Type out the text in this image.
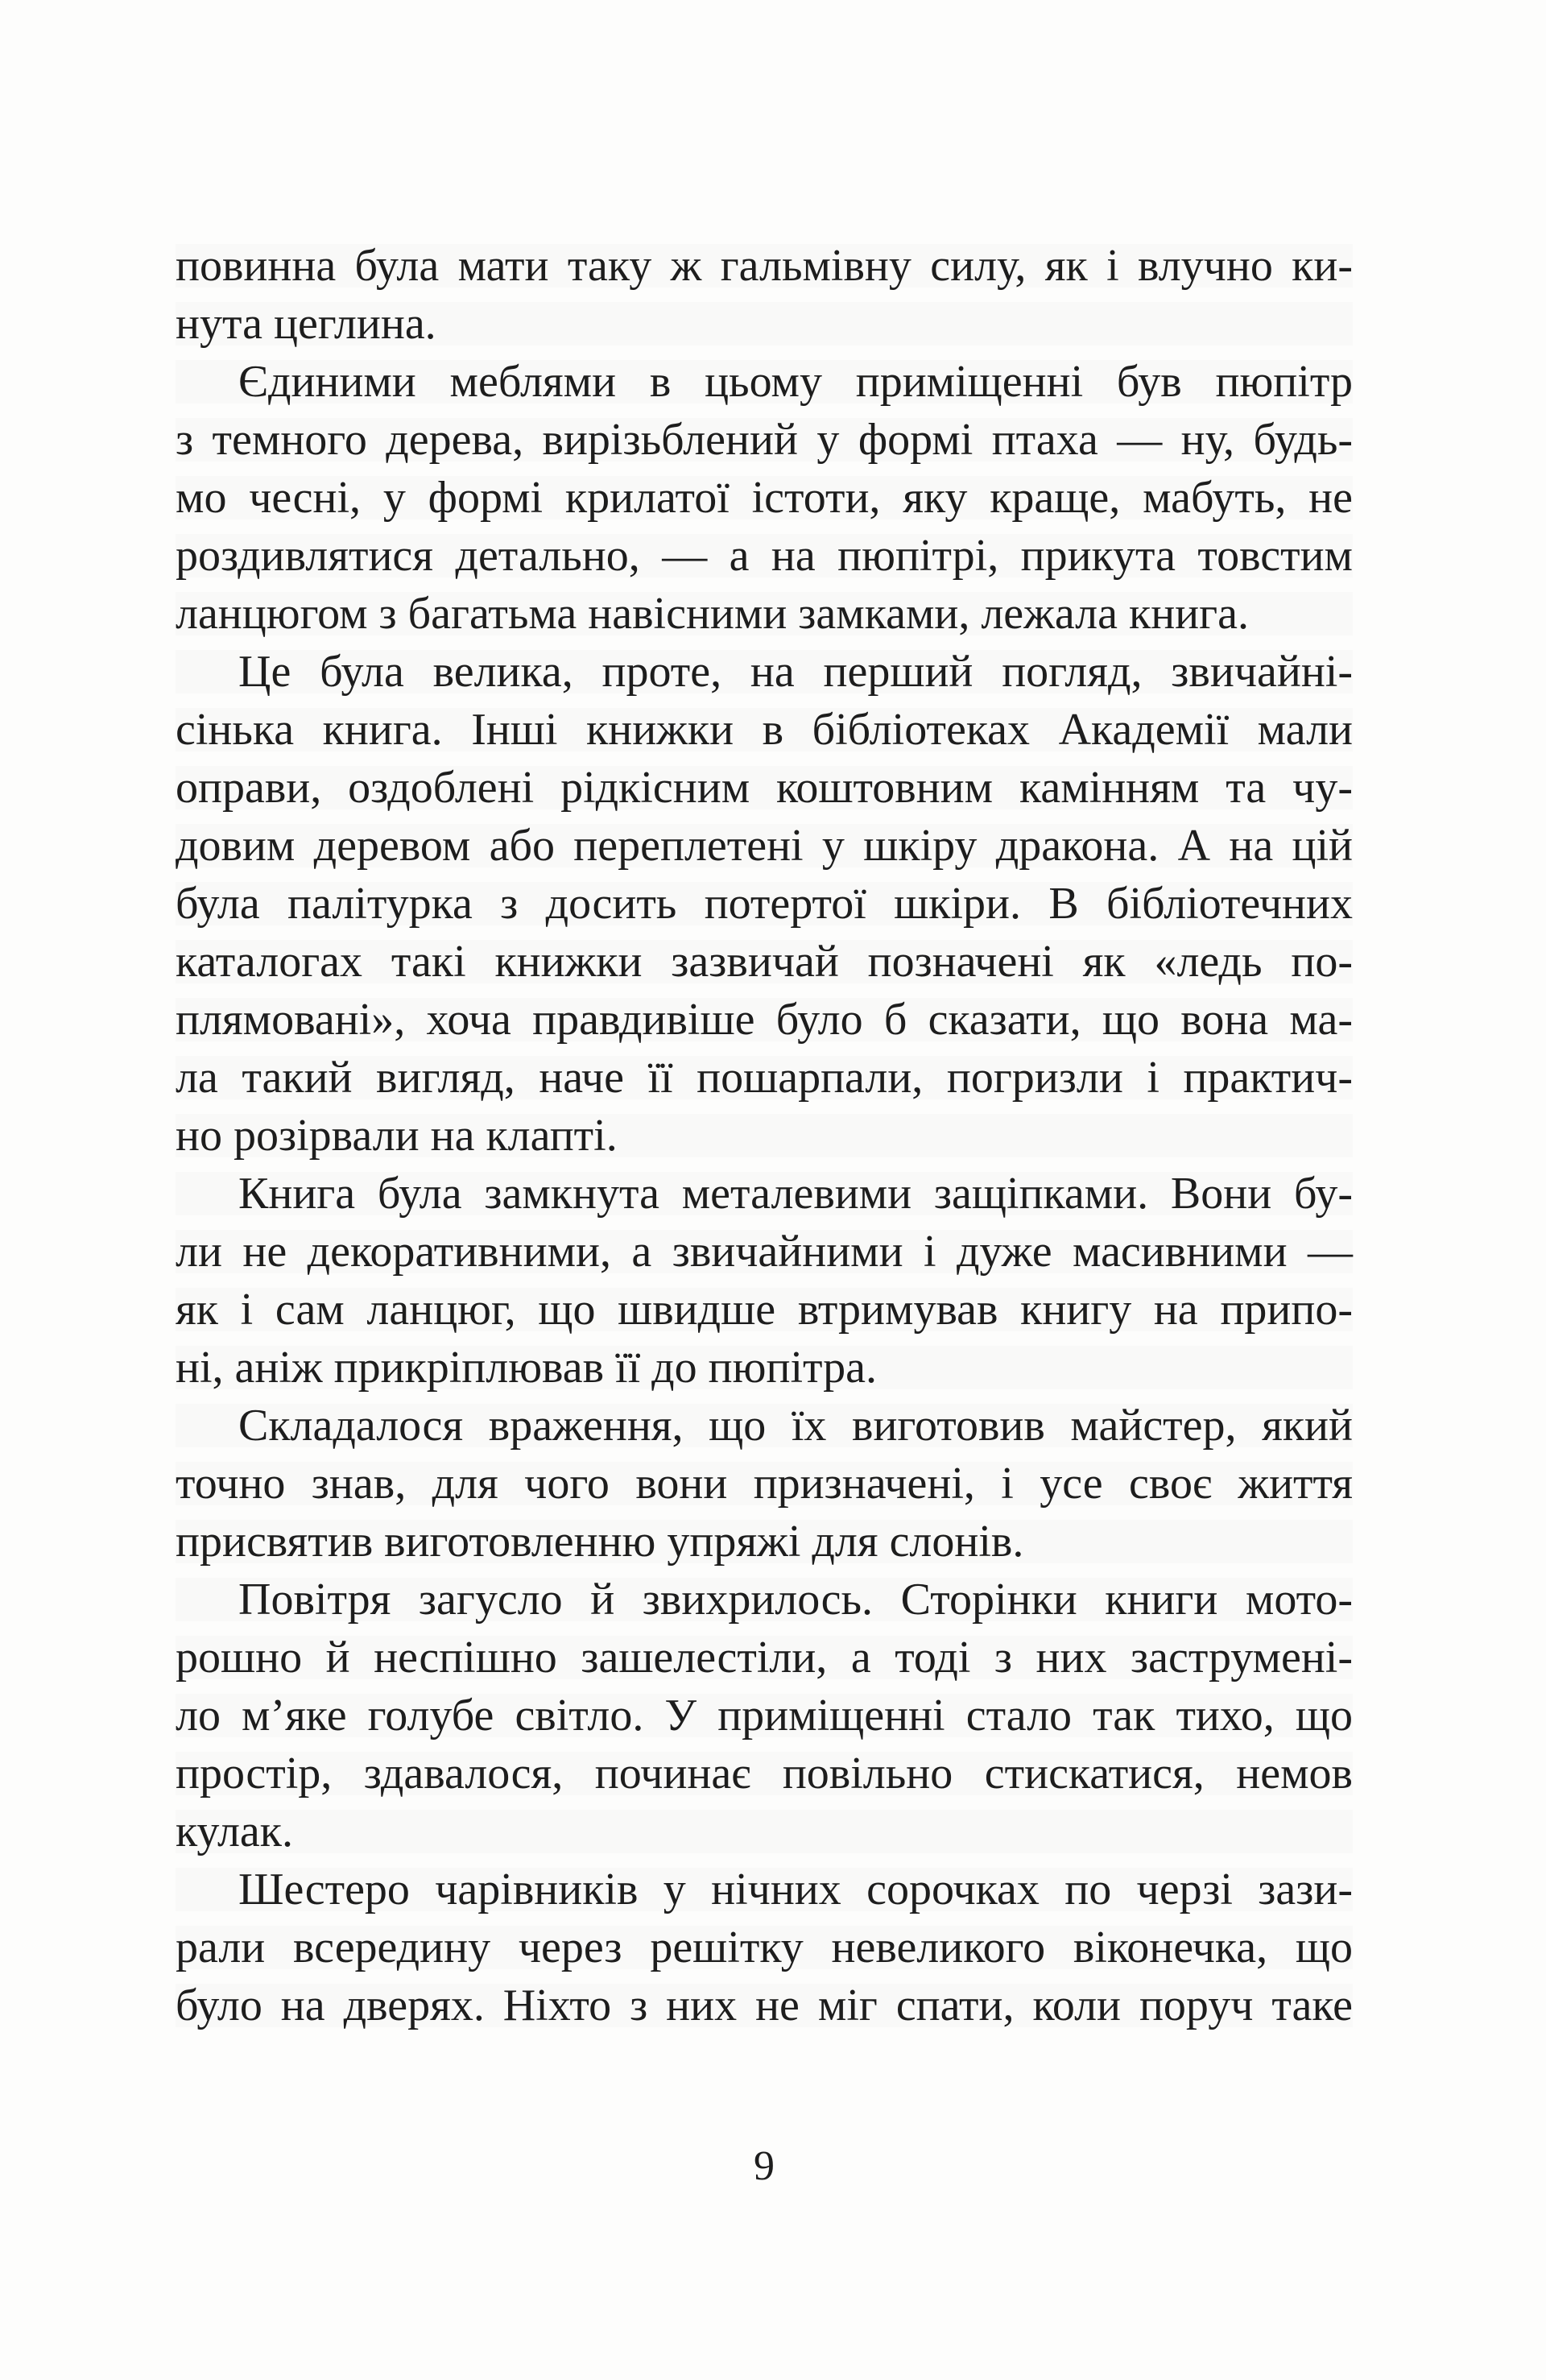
повинна була мати таку ж гальмівну силу, як і влучно ки-
нута цеглина.
Єдиними меблями в цьому приміщенні був пюпітр
з темного дерева, вирізьблений у формі птаха — ну, будь-
мо чесні, у формі крилатої істоти, яку краще, мабуть, не
роздивлятися детально, — а на пюпітрі, прикута товстим
ланцюгом з багатьма навісними замками, лежала книга.
Це була велика, проте, на перший погляд, звичайні-
сінька книга. Інші книжки в бібліотеках Академії мали
оправи, оздоблені рідкісним коштовним камінням та чу-
довим деревом або переплетені у шкіру дракона. А на цій
була палітурка з досить потертої шкіри. В бібліотечних
каталогах такі книжки зазвичай позначені як «ледь по-
плямовані», хоча правдивіше було б сказати, що вона ма-
ла такий вигляд, наче її пошарпали, погризли і практич-
но розірвали на клапті.
Книга була замкнута металевими защіпками. Вони бу-
ли не декоративними, а звичайними і дуже масивними —
як і сам ланцюг, що швидше втримував книгу на припо-
ні, аніж прикріплював її до пюпітра.
Складалося враження, що їх виготовив майстер, який
точно знав, для чого вони призначені, і усе своє життя
присвятив виготовленню упряжі для слонів.
Повітря загусло й звихрилось. Сторінки книги мото-
рошно й неспішно зашелестіли, а тоді з них заструмені-
ло м’яке голубе світло. У приміщенні стало так тихо, що
простір, здавалося, починає повільно стискатися, немов
кулак.
Шестеро чарівників у нічних сорочках по черзі зази-
рали всередину через решітку невеликого віконечка, що
було на дверях. Ніхто з них не міг спати, коли поруч таке
9
